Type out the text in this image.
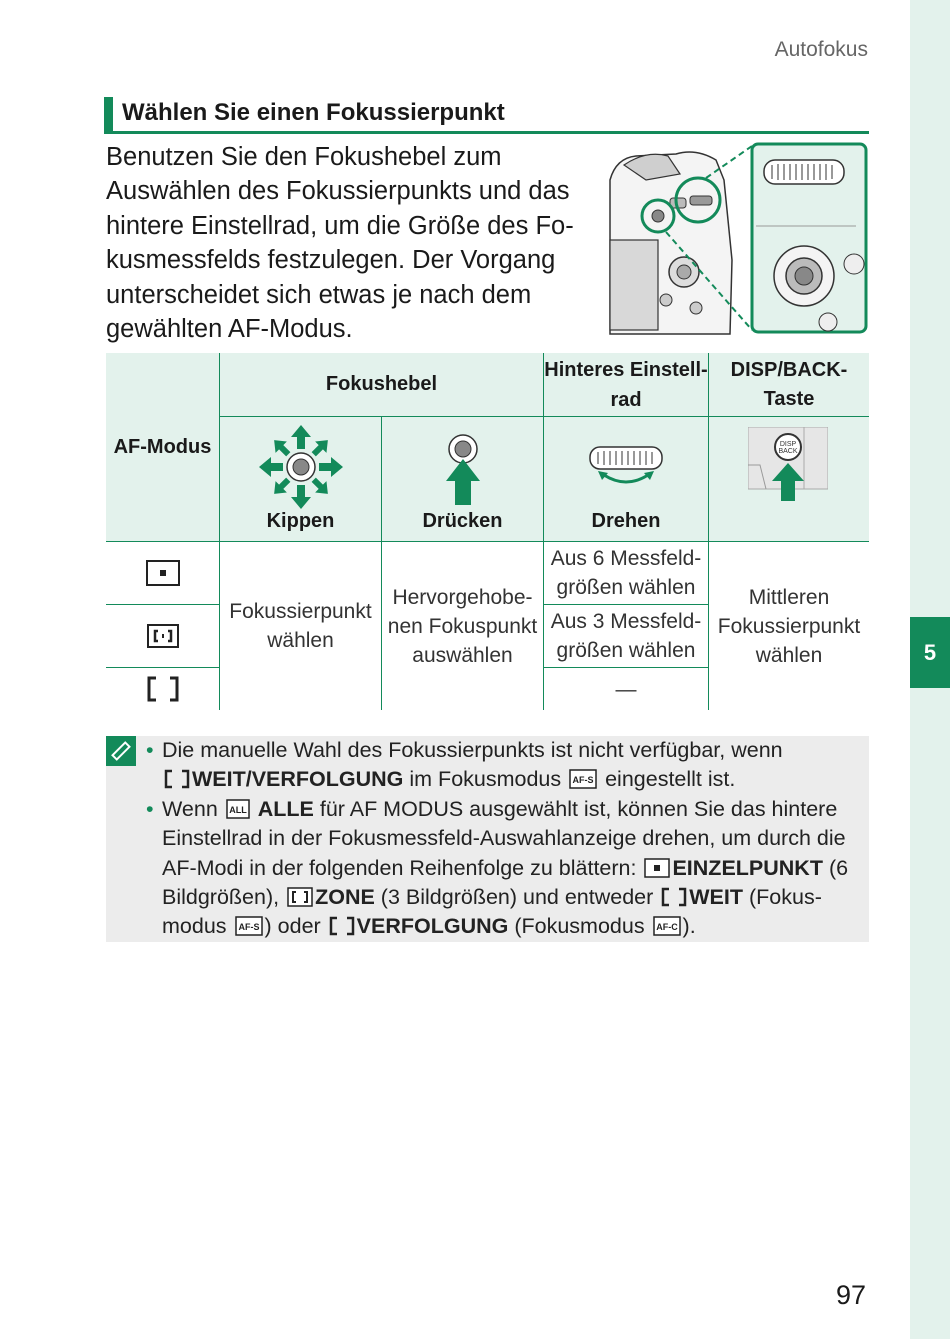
5
Autofokus
Wählen Sie einen Fokussierpunkt
Benutzen Sie den Fokushebel zum
Auswählen des Fokussierpunkts und das
hintere Einstellrad, um die Größe des Fo-
kusmessfelds festzulegen. Der Vorgang
unterscheidet sich etwas je nach dem
gewählten AF-Modus.
AF-Modus
Fokushebel
Hinteres Einstell-
rad
DISP/BACK-Taste
Kippen	Drücken	Drehen
DISP
BACK
Fokussierpunkt
wählen
Hervorgehobe-
nen Fokuspunkt
auswählen
Aus 6 Messfeld-
größen wählen
Aus 3 Messfeld-
größen wählen
—
Mittleren
Fokussierpunkt
wählen
• Die manuelle Wahl des Fokussierpunkts ist nicht verfügbar, wenn
WEIT/VERFOLGUNG im Fokusmodus AF-S eingestellt ist.
• Wenn ALL ALLE für AF MODUS ausgewählt ist, können Sie das hintere Einstellrad in der Fokusmessfeld-Auswahlanzeige drehen, um durch die AF-Modi in der folgenden Reihenfolge zu blättern: EINZELPUNKT (6 Bildgrößen), ZONE (3 Bildgrößen) und entweder WEIT (Fokus-modus AF-S ) oder VERFOLGUNG (Fokusmodus AF-C ).
97
